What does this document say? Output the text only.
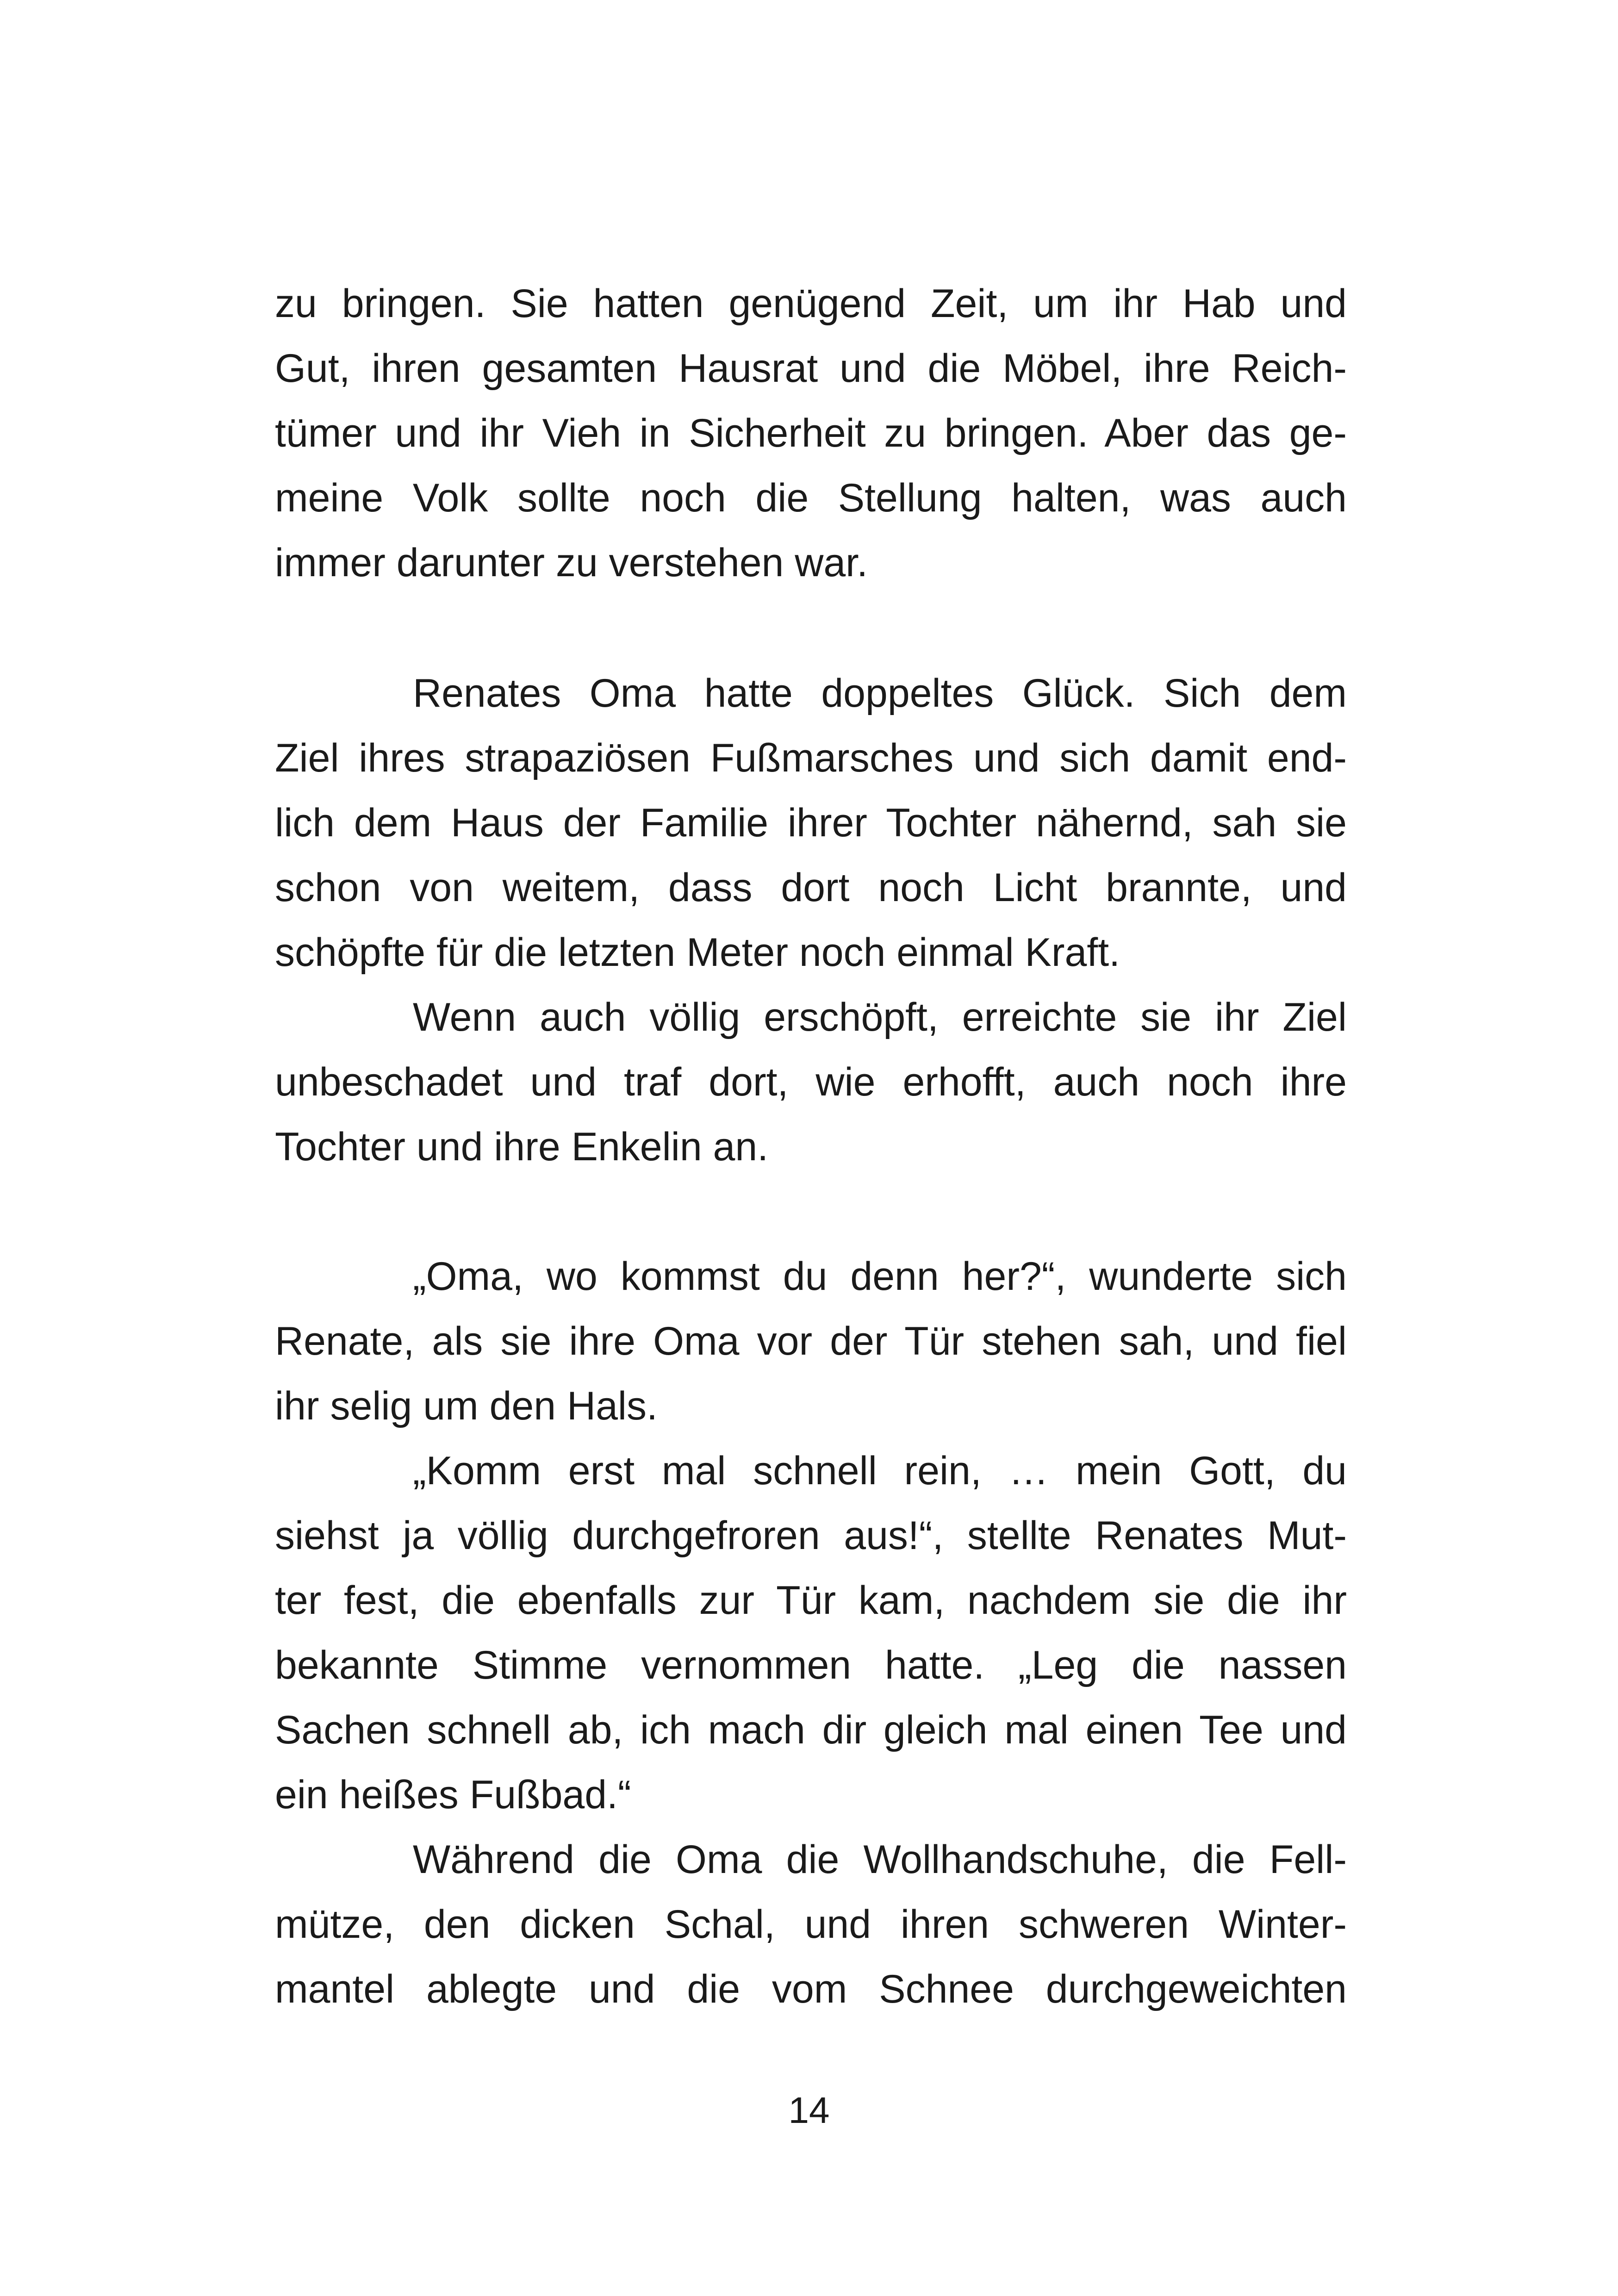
zu bringen. Sie hatten genügend Zeit, um ihr Hab und
Gut, ihren gesamten Hausrat und die Möbel, ihre Reich-
tümer und ihr Vieh in Sicherheit zu bringen. Aber das ge-
meine Volk sollte noch die Stellung halten, was auch
immer darunter zu verstehen war.
Renates Oma hatte doppeltes Glück. Sich dem
Ziel ihres strapaziösen Fußmarsches und sich damit end-
lich dem Haus der Familie ihrer Tochter nähernd, sah sie
schon von weitem, dass dort noch Licht brannte, und
schöpfte für die letzten Meter noch einmal Kraft.
Wenn auch völlig erschöpft, erreichte sie ihr Ziel
unbeschadet und traf dort, wie erhofft, auch noch ihre
Tochter und ihre Enkelin an.
„Oma, wo kommst du denn her?“, wunderte sich
Renate, als sie ihre Oma vor der Tür stehen sah, und fiel
ihr selig um den Hals.
„Komm erst mal schnell rein, … mein Gott, du
siehst ja völlig durchgefroren aus!“, stellte Renates Mut-
ter fest, die ebenfalls zur Tür kam, nachdem sie die ihr
bekannte Stimme vernommen hatte. „Leg die nassen
Sachen schnell ab, ich mach dir gleich mal einen Tee und
ein heißes Fußbad.“
Während die Oma die Wollhandschuhe, die Fell-
mütze, den dicken Schal, und ihren schweren Winter-
mantel ablegte und die vom Schnee durchgeweichten
14
